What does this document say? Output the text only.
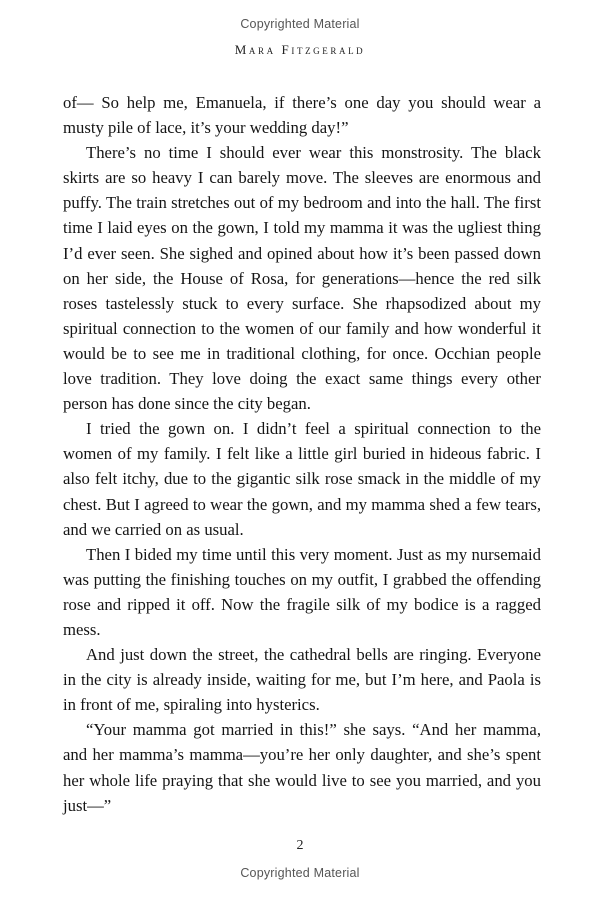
Copyrighted Material
Mara Fitzgerald

of— So help me, Emanuela, if there’s one day you should wear a musty pile of lace, it’s your wedding day!”

There’s no time I should ever wear this monstrosity. The black skirts are so heavy I can barely move. The sleeves are enormous and puffy. The train stretches out of my bedroom and into the hall. The first time I laid eyes on the gown, I told my mamma it was the ugliest thing I’d ever seen. She sighed and opined about how it’s been passed down on her side, the House of Rosa, for generations—hence the red silk roses tastelessly stuck to every surface. She rhapsodized about my spiritual connection to the women of our family and how wonderful it would be to see me in traditional clothing, for once. Occhian people love tradition. They love doing the exact same things every other person has done since the city began.

I tried the gown on. I didn’t feel a spiritual connection to the women of my family. I felt like a little girl buried in hideous fabric. I also felt itchy, due to the gigantic silk rose smack in the middle of my chest. But I agreed to wear the gown, and my mamma shed a few tears, and we carried on as usual.

Then I bided my time until this very moment. Just as my nursemaid was putting the finishing touches on my outfit, I grabbed the offending rose and ripped it off. Now the fragile silk of my bodice is a ragged mess.

And just down the street, the cathedral bells are ringing. Everyone in the city is already inside, waiting for me, but I’m here, and Paola is in front of me, spiraling into hysterics.

“Your mamma got married in this!” she says. “And her mamma, and her mamma’s mamma—you’re her only daughter, and she’s spent her whole life praying that she would live to see you married, and you just—”

2
Copyrighted Material
